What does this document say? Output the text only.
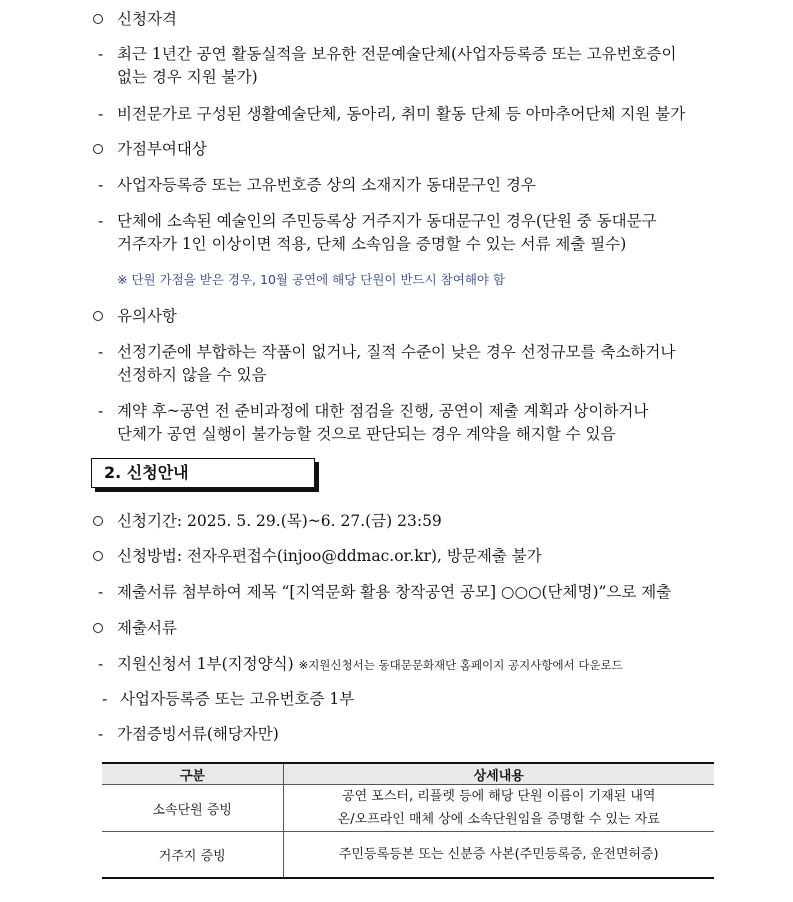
신청자격
- 최근 1년간 공연 활동실적을 보유한 전문예술단체(사업자등록증 또는 고유번호증이
없는 경우 지원 불가)
- 비전문가로 구성된 생활예술단체, 동아리, 취미 활동 단체 등 아마추어단체 지원 불가
가점부여대상
- 사업자등록증 또는 고유번호증 상의 소재지가 동대문구인 경우
- 단체에 소속된 예술인의 주민등록상 거주지가 동대문구인 경우(단원 중 동대문구
거주자가 1인 이상이면 적용, 단체 소속임을 증명할 수 있는 서류 제출 필수)
※ 단원 가점을 받은 경우, 10월 공연에 해당 단원이 반드시 참여해야 함
유의사항
- 선정기준에 부합하는 작품이 없거나, 질적 수준이 낮은 경우 선정규모를 축소하거나
선정하지 않을 수 있음
- 계약 후~공연 전 준비과정에 대한 점검을 진행, 공연이 제출 계획과 상이하거나
단체가 공연 실행이 불가능할 것으로 판단되는 경우 계약을 해지할 수 있음
2. 신청안내
신청기간: 2025. 5. 29.(목)~6. 27.(금) 23:59
신청방법: 전자우편접수(injoo@ddmac.or.kr), 방문제출 불가
- 제출서류 첨부하여 제목 “[지역문화 활용 창작공연 공모] ○○○(단체명)”으로 제출
제출서류
- 지원신청서 1부(지정양식) ※지원신청서는 동대문문화재단 홈페이지 공지사항에서 다운로드
- 사업자등록증 또는 고유번호증 1부
- 가점증빙서류(해당자만)
구분	상세내용
소속단원 증빙	공연 포스터, 리플렛 등에 해당 단원 이름이 기재된 내역
온/오프라인 매체 상에 소속단원임을 증명할 수 있는 자료

거주지 증빙	주민등록등본 또는 신분증 사본(주민등록증, 운전면허증)
